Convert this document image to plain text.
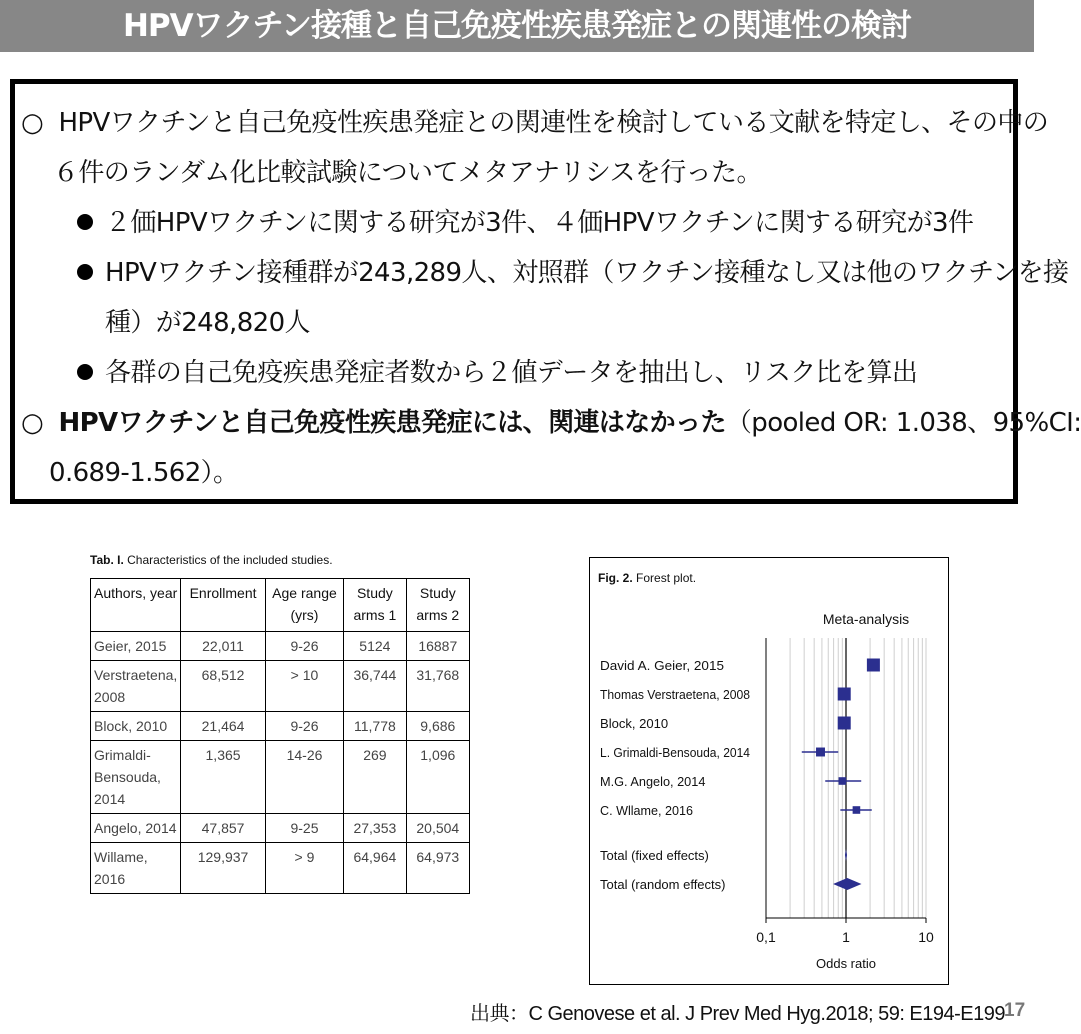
HPVワクチン接種と自己免疫性疾患発症との関連性の検討
○ HPVワクチンと自己免疫性疾患発症との関連性を検討している文献を特定し、その中の
６件のランダム化比較試験についてメタアナリシスを行った。
２価HPVワクチンに関する研究が3件、４価HPVワクチンに関する研究が3件
HPVワクチン接種群が243,289人、対照群（ワクチン接種なし又は他のワクチンを接
種）が248,820人
各群の自己免疫疾患発症者数から２値データを抽出し、リスク比を算出
○ HPVワクチンと自己免疫性疾患発症には、関連はなかった（pooled OR: 1.038、95%CI:
0.689-1.562）。
Tab. I. Characteristics of the included studies.
Authors, year	Enrollment	Age range (yrs)	Study arms 1	Study arms 2
Geier, 2015	22,011	9-26	5124	16887
Verstraetena, 2008	68,512	> 10	36,744	31,768
Block, 2010	21,464	9-26	11,778	9,686
Grimaldi-Bensouda, 2014	1,365	14-26	269	1,096
Angelo, 2014	47,857	9-25	27,353	20,504
Willame, 2016	129,937	> 9	64,964	64,973
Fig. 2. Forest plot.
Meta-analysis
0,1	1	10
Odds ratio
David A. Geier, 2015
Thomas Verstraetena, 2008
Block, 2010
L. Grimaldi-Bensouda, 2014
M.G. Angelo, 2014
C. Wllame, 2016
Total (fixed effects)
Total (random effects)
出典：C Genovese et al. J Prev Med Hyg.2018; 59: E194-E199
17
